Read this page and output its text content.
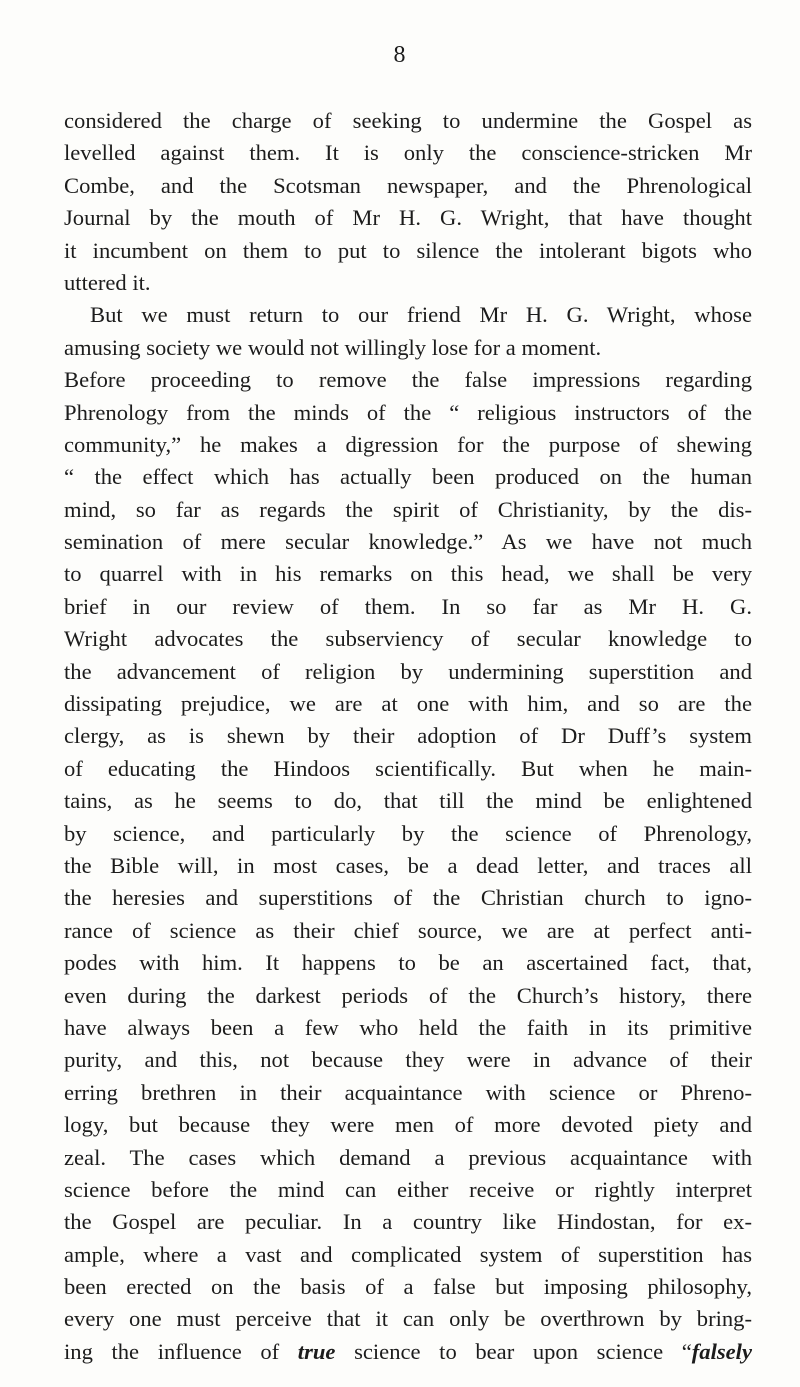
8
considered the charge of seeking to undermine the Gospel as
levelled against them. It is only the conscience-stricken Mr
Combe, and the Scotsman newspaper, and the Phrenological
Journal by the mouth of Mr H. G. Wright, that have thought
it incumbent on them to put to silence the intolerant bigots who
uttered it.
But we must return to our friend Mr H. G. Wright, whose
amusing society we would not willingly lose for a moment.
Before proceeding to remove the false impressions regarding
Phrenology from the minds of the “ religious instructors of the
community,” he makes a digression for the purpose of shewing
“ the effect which has actually been produced on the human
mind, so far as regards the spirit of Christianity, by the dis-
semination of mere secular knowledge.” As we have not much
to quarrel with in his remarks on this head, we shall be very
brief in our review of them. In so far as Mr H. G.
Wright advocates the subserviency of secular knowledge to
the advancement of religion by undermining superstition and
dissipating prejudice, we are at one with him, and so are the
clergy, as is shewn by their adoption of Dr Duff’s system
of educating the Hindoos scientifically. But when he main-
tains, as he seems to do, that till the mind be enlightened
by science, and particularly by the science of Phrenology,
the Bible will, in most cases, be a dead letter, and traces all
the heresies and superstitions of the Christian church to igno-
rance of science as their chief source, we are at perfect anti-
podes with him. It happens to be an ascertained fact, that,
even during the darkest periods of the Church’s history, there
have always been a few who held the faith in its primitive
purity, and this, not because they were in advance of their
erring brethren in their acquaintance with science or Phreno-
logy, but because they were men of more devoted piety and
zeal. The cases which demand a previous acquaintance with
science before the mind can either receive or rightly interpret
the Gospel are peculiar. In a country like Hindostan, for ex-
ample, where a vast and complicated system of superstition has
been erected on the basis of a false but imposing philosophy,
every one must perceive that it can only be overthrown by bring-
ing the influence of true science to bear upon science “falsely
